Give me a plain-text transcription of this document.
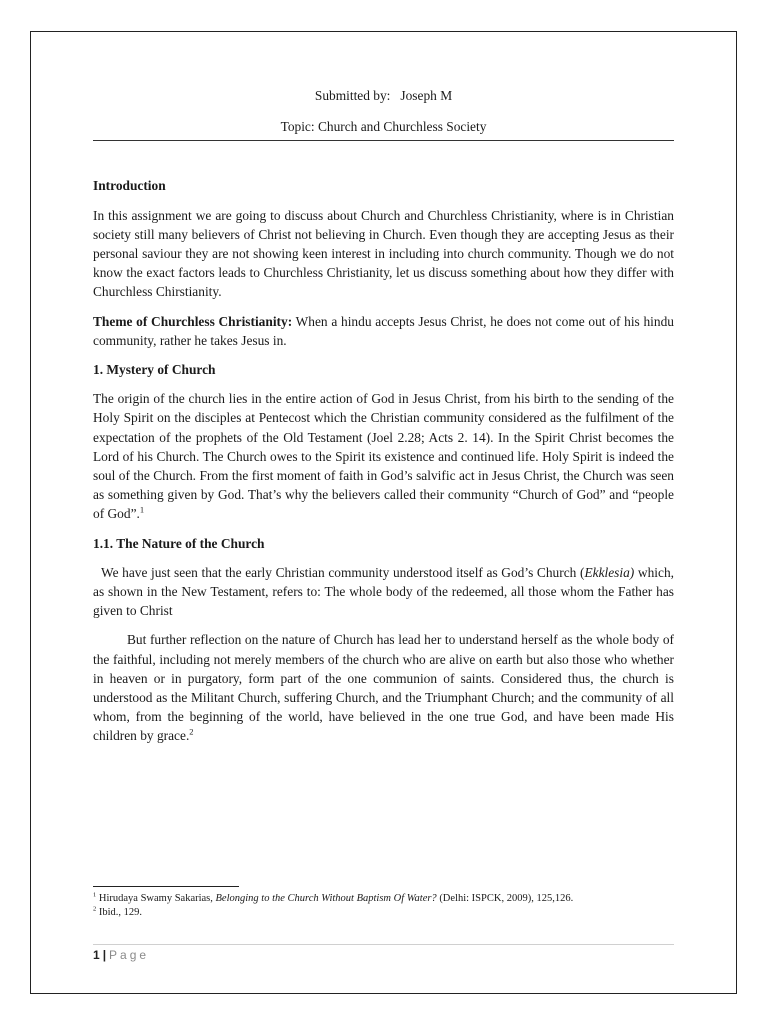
Submitted by: Joseph M

Topic: Church and Churchless Society

Introduction

In this assignment we are going to discuss about Church and Churchless Christianity, where is in Christian society still many believers of Christ not believing in Church. Even though they are accepting Jesus as their personal saviour they are not showing keen interest in including into church community. Though we do not know the exact factors leads to Churchless Christianity, let us discuss something about how they differ with Churchless Chirstianity.

Theme of Churchless Christianity: When a hindu accepts Jesus Christ, he does not come out of his hindu community, rather he takes Jesus in.

1. Mystery of Church

The origin of the church lies in the entire action of God in Jesus Christ, from his birth to the sending of the Holy Spirit on the disciples at Pentecost which the Christian community considered as the fulfilment of the expectation of the prophets of the Old Testament (Joel 2.28; Acts 2. 14). In the Spirit Christ becomes the Lord of his Church. The Church owes to the Spirit its existence and continued life. Holy Spirit is indeed the soul of the Church. From the first moment of faith in God’s salvific act in Jesus Christ, the Church was seen as something given by God. That’s why the believers called their community “Church of God” and “people of God”.$^1$

1.1. The Nature of the Church

We have just seen that the early Christian community understood itself as God’s Church (Ekklesia) which, as shown in the New Testament, refers to: The whole body of the redeemed, all those whom the Father has given to Christ

But further reflection on the nature of Church has lead her to understand herself as the whole body of the faithful, including not merely members of the church who are alive on earth but also those who whether in heaven or in purgatory, form part of the one communion of saints. Considered thus, the church is understood as the Militant Church, suffering Church, and the Triumphant Church; and the community of all whom, from the beginning of the world, have believed in the one true God, and have been made His children by grace.$^2$

$^1$ Hirudaya Swamy Sakarias, Belonging to the Church Without Baptism Of Water? (Delhi: ISPCK, 2009), 125,126.
$^2$ Ibid., 129.
1 | Page
